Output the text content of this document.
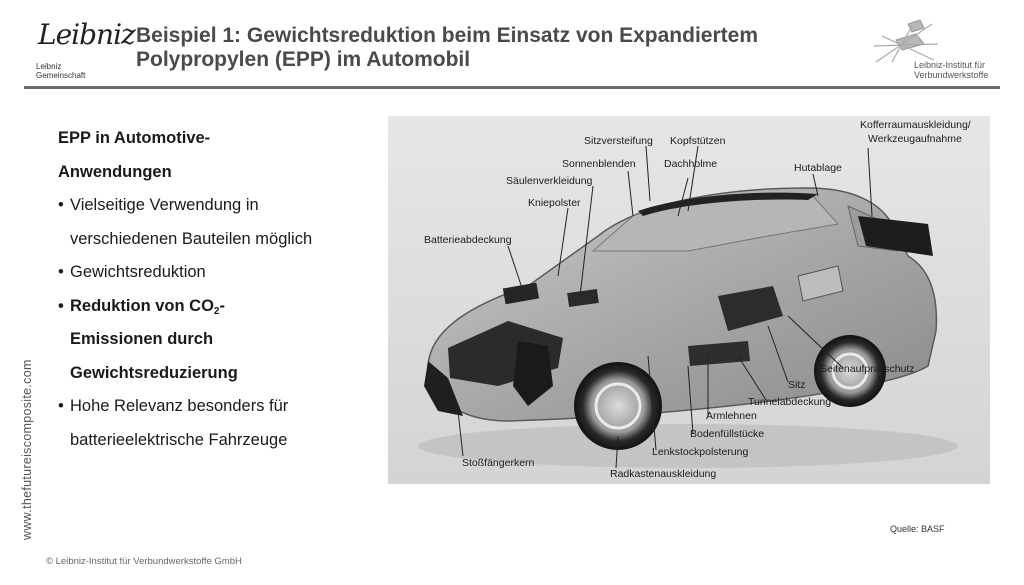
Leibniz
Leibniz
Gemeinschaft
Beispiel 1: Gewichtsreduktion beim Einsatz von Expandiertem
Polypropylen (EPP) im Automobil	Leibniz-Institut für
Verbundwerkstoffe
www.thefutureiscomposite.com
EPP in Automotive-
Anwendungen
• Vielseitige Verwendung in
verschiedenen Bauteilen möglich
• Gewichtsreduktion
• Reduktion von $CO_2-$
Emissionen durch
Gewichtsreduzierung
• Hohe Relevanz besonders für
batterieelektrische Fahrzeuge
Sitzversteifung Kopfstützen
Kofferraumauskleidung/
Werkzeugaufnahme
Sonnenblenden	Dachholme	Hutablage
Säulenverkleidung
Kniepolster
Batterieabdeckung
Seitenaufprallschutz
Sitz
Tunnelabdeckung
Armlehnen
Bodenfüllstücke
Lenkstockpolsterung
Stoßfängerkern
Radkastenauskleidung
Quelle: BASF
© Leibniz-Institut für Verbundwerkstoffe GmbH
